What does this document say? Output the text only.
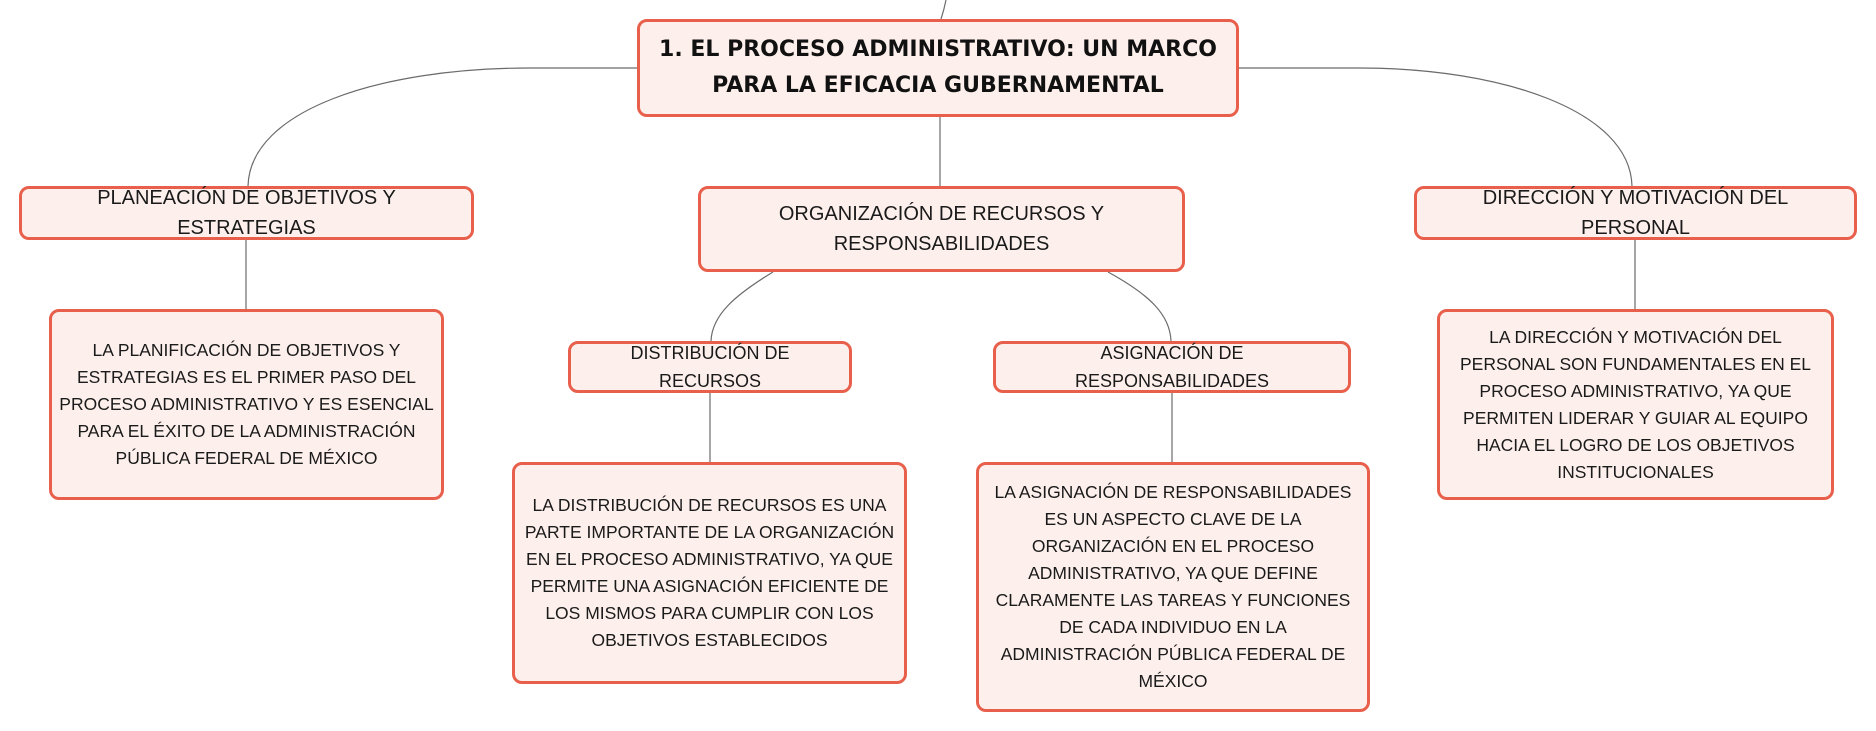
1. EL PROCESO ADMINISTRATIVO: UN MARCO PARA LA EFICACIA GUBERNAMENTAL
PLANEACIÓN DE OBJETIVOS Y ESTRATEGIAS
ORGANIZACIÓN DE RECURSOS Y RESPONSABILIDADES
DIRECCIÓN Y MOTIVACIÓN DEL PERSONAL
DISTRIBUCIÓN DE RECURSOS
ASIGNACIÓN DE RESPONSABILIDADES
LA PLANIFICACIÓN DE OBJETIVOS Y ESTRATEGIAS ES EL PRIMER PASO DEL PROCESO ADMINISTRATIVO Y ES ESENCIAL PARA EL ÉXITO DE LA ADMINISTRACIÓN PÚBLICA FEDERAL DE MÉXICO
LA DISTRIBUCIÓN DE RECURSOS ES UNA PARTE IMPORTANTE DE LA ORGANIZACIÓN EN EL PROCESO ADMINISTRATIVO, YA QUE PERMITE UNA ASIGNACIÓN EFICIENTE DE LOS MISMOS PARA CUMPLIR CON LOS OBJETIVOS ESTABLECIDOS
LA ASIGNACIÓN DE RESPONSABILIDADES ES UN ASPECTO CLAVE DE LA ORGANIZACIÓN EN EL PROCESO ADMINISTRATIVO, YA QUE DEFINE CLARAMENTE LAS TAREAS Y FUNCIONES DE CADA INDIVIDUO EN LA ADMINISTRACIÓN PÚBLICA FEDERAL DE MÉXICO
LA DIRECCIÓN Y MOTIVACIÓN DEL PERSONAL SON FUNDAMENTALES EN EL PROCESO ADMINISTRATIVO, YA QUE PERMITEN LIDERAR Y GUIAR AL EQUIPO HACIA EL LOGRO DE LOS OBJETIVOS INSTITUCIONALES
